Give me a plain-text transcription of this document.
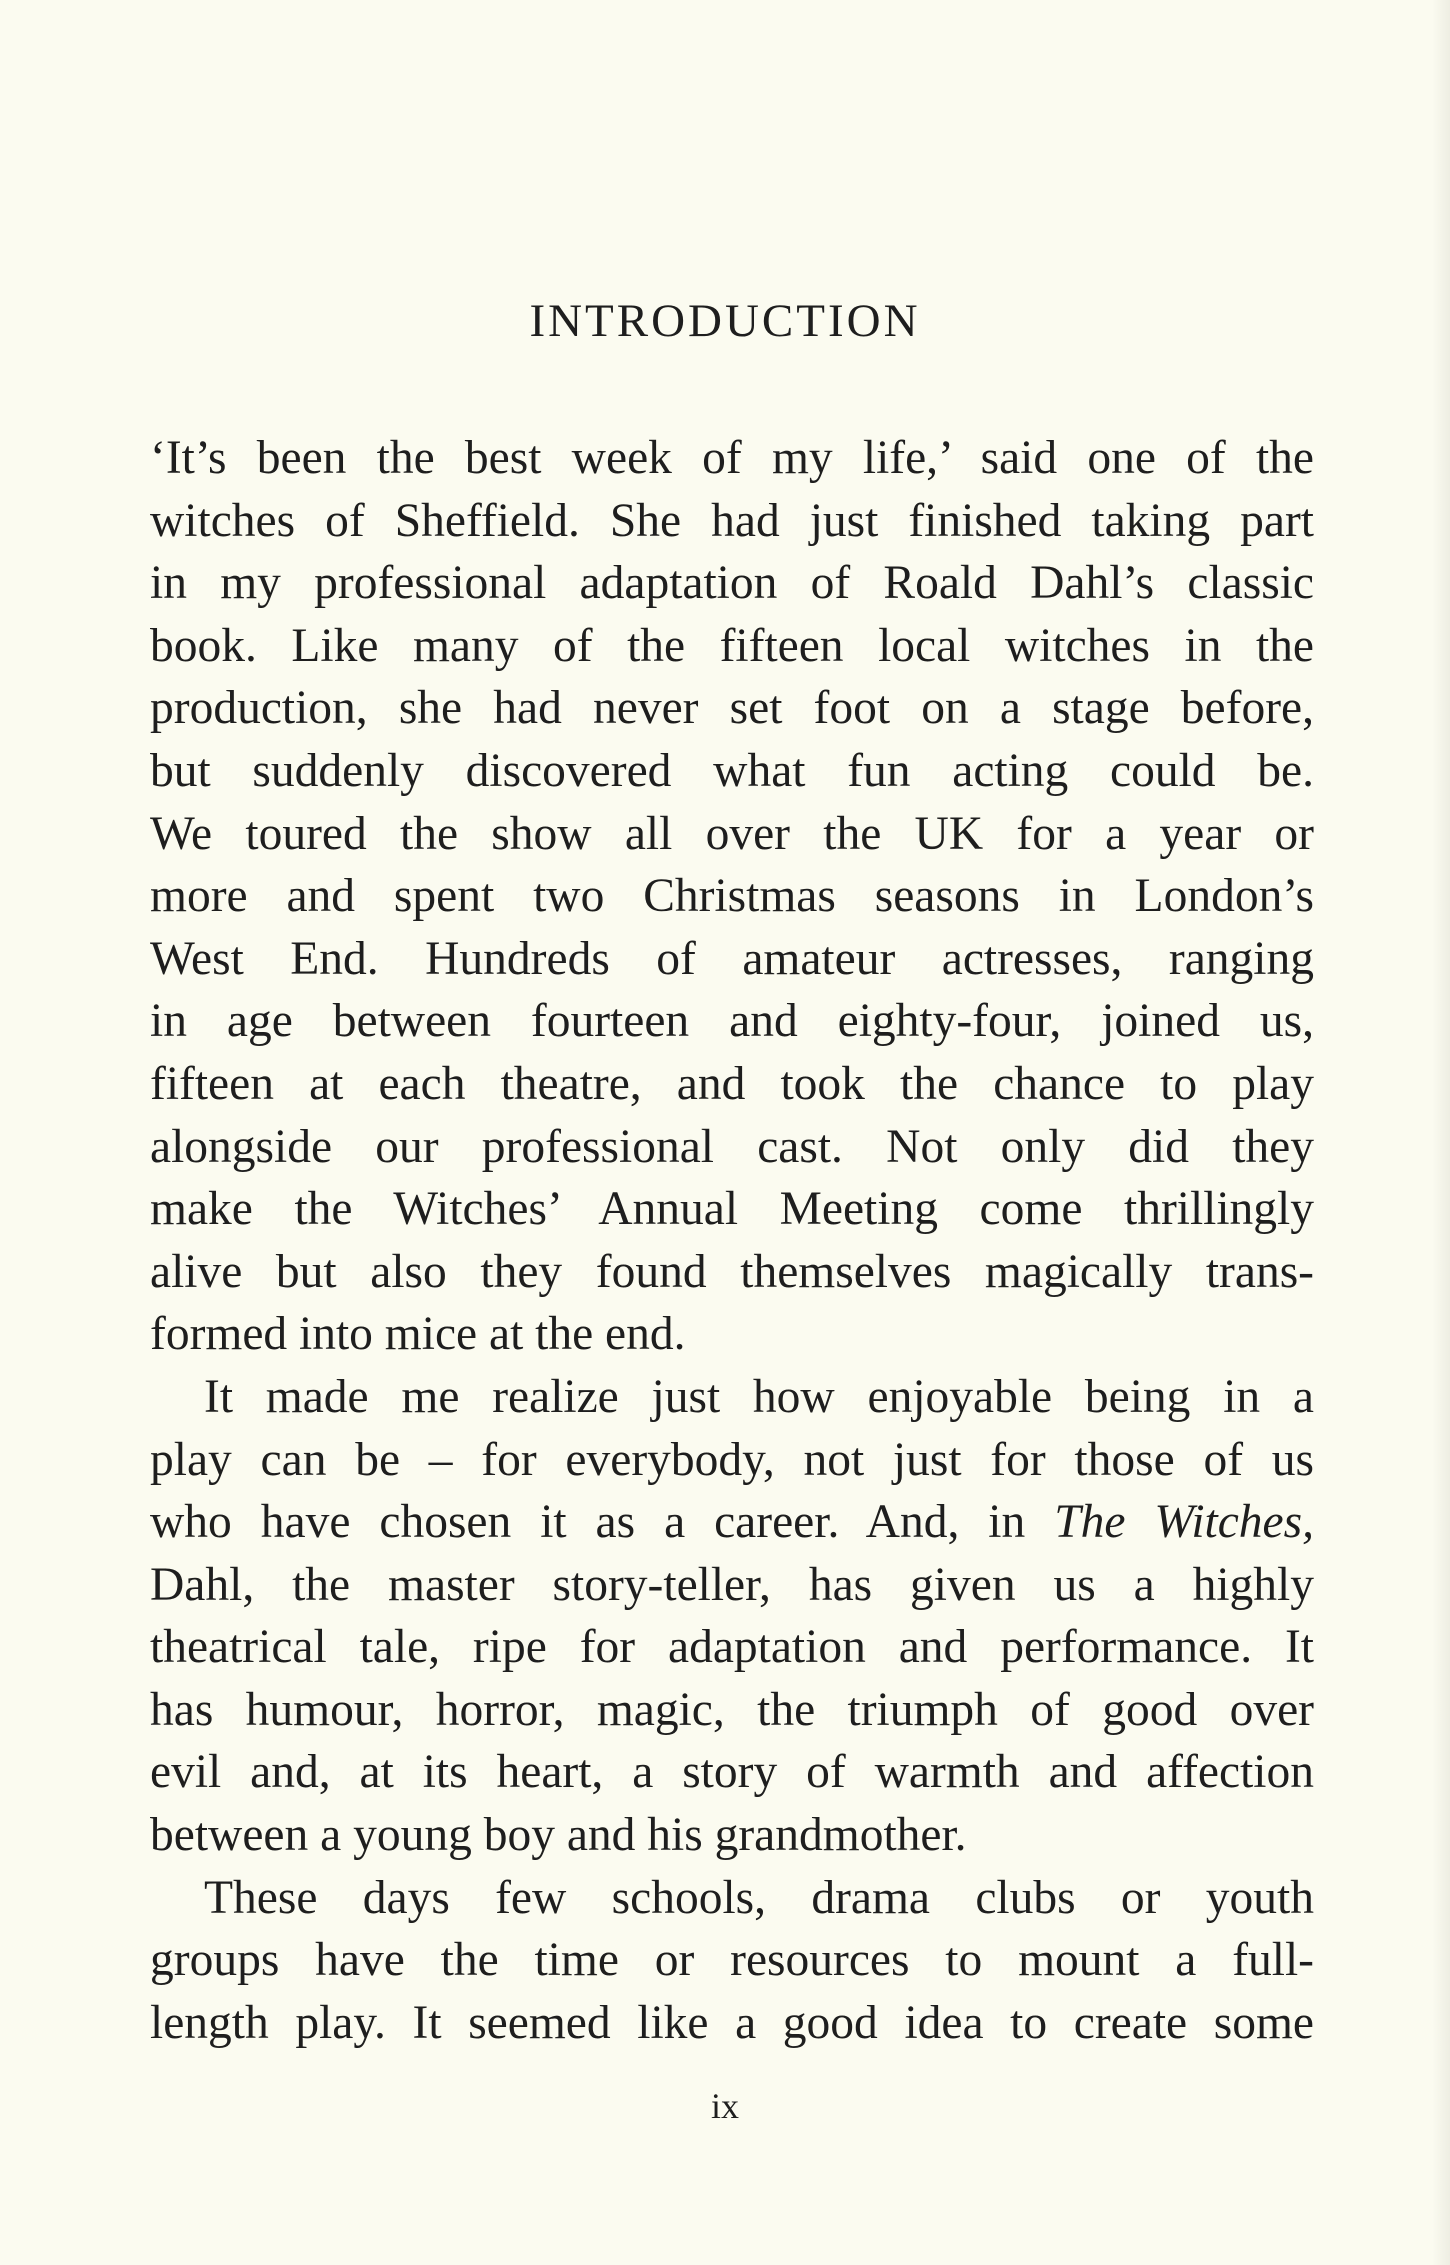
INTRODUCTION
‘It’s been the best week of my life,’ said one of the
witches of Sheffield. She had just finished taking part
in my professional adaptation of Roald Dahl’s classic
book. Like many of the fifteen local witches in the
production, she had never set foot on a stage before,
but suddenly discovered what fun acting could be.
We toured the show all over the UK for a year or
more and spent two Christmas seasons in London’s
West End. Hundreds of amateur actresses, ranging
in age between fourteen and eighty-four, joined us,
fifteen at each theatre, and took the chance to play
alongside our professional cast. Not only did they
make the Witches’ Annual Meeting come thrillingly
alive but also they found themselves magically trans-
formed into mice at the end.
It made me realize just how enjoyable being in a
play can be – for everybody, not just for those of us
who have chosen it as a career. And, in The Witches,
Dahl, the master story-teller, has given us a highly
theatrical tale, ripe for adaptation and performance. It
has humour, horror, magic, the triumph of good over
evil and, at its heart, a story of warmth and affection
between a young boy and his grandmother.
These days few schools, drama clubs or youth
groups have the time or resources to mount a full-
length play. It seemed like a good idea to create some
ix
